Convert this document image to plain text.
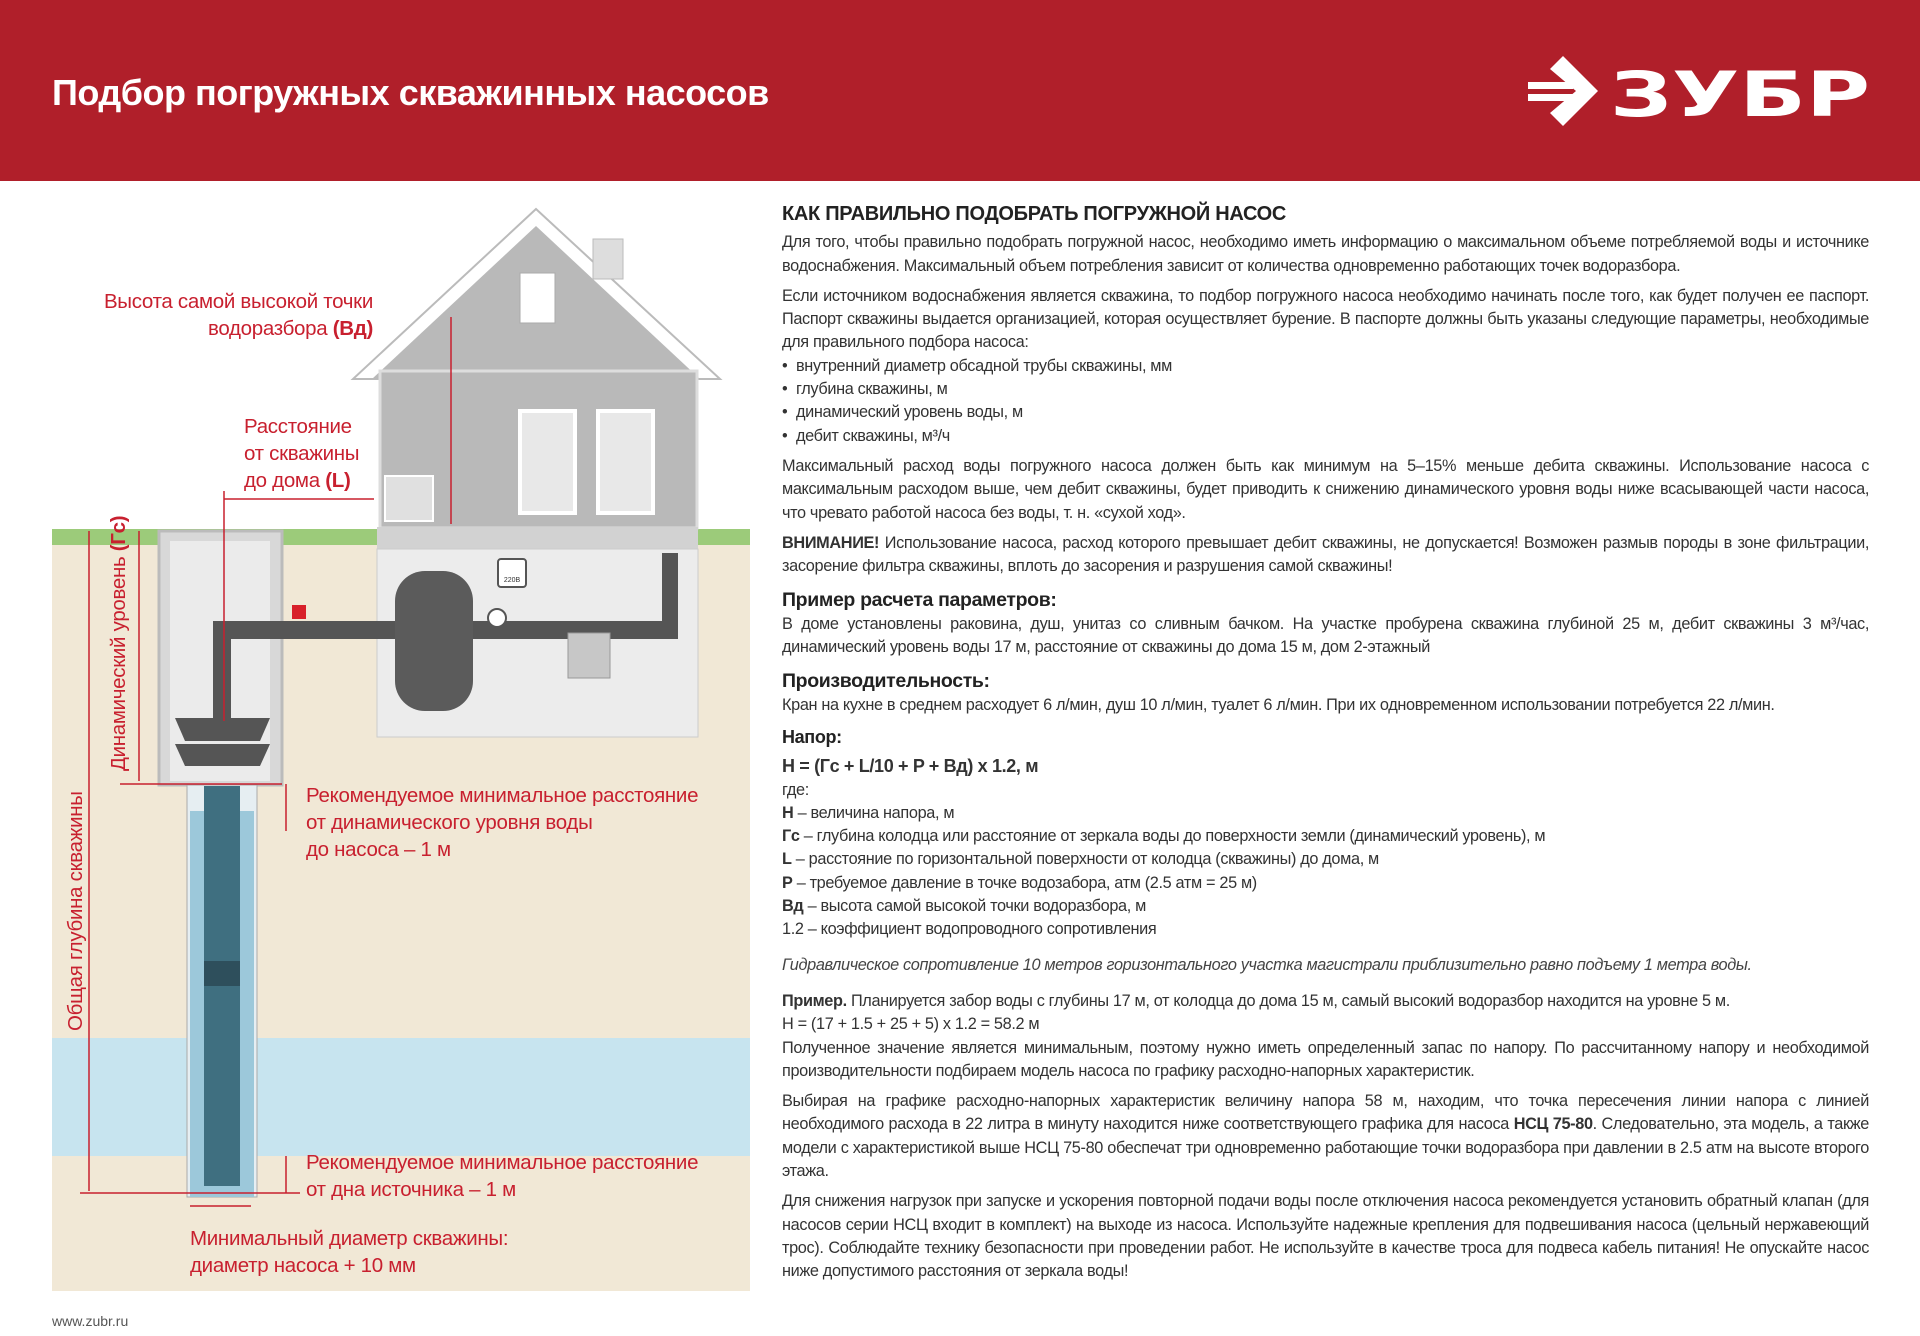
Подбор погружных скважинных насосов	ЗУБР
220В
Высота самой высокой точки
водоразбора (Вд)
Расстояние
от скважины
до дома (L)
Динамический уровень (Гс)
Общая глубина скважины	Рекомендуемое минимальное расстояние
от динамического уровня воды
до насоса – 1 м
Рекомендуемое минимальное расстояние
от дна источника – 1 м
Минимальный диаметр скважины:
диаметр насоса + 10 мм
КАК ПРАВИЛЬНО ПОДОБРАТЬ ПОГРУЖНОЙ НАСОС

Для того, чтобы правильно подобрать погружной насос, необходимо иметь информацию о максимальном объеме потребляемой воды и источнике водоснабжения. Максимальный объем потребления зависит от количества одновременно работающих точек водоразбора.

Если источником водоснабжения является скважина, то подбор погружного насоса необходимо начинать после того, как будет получен ее паспорт. Паспорт скважины выдается организацией, которая осуществляет бурение. В паспорте должны быть указаны следующие параметры, необходимые для правильного подбора насоса:

• внутренний диаметр обсадной трубы скважины, мм
• глубина скважины, м
• динамический уровень воды, м
• дебит скважины, м³/ч

Максимальный расход воды погружного насоса должен быть как минимум на 5–15% меньше дебита скважины. Использование насоса с максимальным расходом выше, чем дебит скважины, будет приводить к снижению динамического уровня воды ниже всасывающей части насоса, что чревато работой насоса без воды, т. н. «сухой ход».

ВНИМАНИЕ! Использование насоса, расход которого превышает дебит скважины, не допускается! Возможен размыв породы в зоне фильтрации, засорение фильтра скважины, вплоть до засорения и разрушения самой скважины!

Пример расчета параметров:

В доме установлены раковина, душ, унитаз со сливным бачком. На участке пробурена скважина глубиной 25 м, дебит скважины 3 м³/час, динамический уровень воды 17 м, расстояние от скважины до дома 15 м, дом 2-этажный

Производительность:

Кран на кухне в среднем расходует 6 л/мин, душ 10 л/мин, туалет 6 л/мин. При их одновременном использовании потребуется 22 л/мин.

Напор:
H = (Гс + L/10 + P + Вд) x 1.2, м
где:
H – величина напора, м
Гс – глубина колодца или расстояние от зеркала воды до поверхности земли (динамический уровень), м
L – расстояние по горизонтальной поверхности от колодца (скважины) до дома, м
P – требуемое давление в точке водозабора, атм (2.5 атм = 25 м)
Вд – высота самой высокой точки водоразбора, м
1.2 – коэффициент водопроводного сопротивления
Гидравлическое сопротивление 10 метров горизонтального участка магистрали приблизительно равно подъему 1 метра воды.

Пример. Планируется забор воды с глубины 17 м, от колодца до дома 15 м, самый высокий водоразбор находится на уровне 5 м.

H = (17 + 1.5 + 25 + 5) x 1.2 = 58.2 м

Полученное значение является минимальным, поэтому нужно иметь определенный запас по напору. По рассчитанному напору и необходимой производительности подбираем модель насоса по графику расходно-напорных характеристик.

Выбирая на графике расходно-напорных характеристик величину напора 58 м, находим, что точка пересечения линии напора с линией необходимого расхода в 22 литра в минуту находится ниже соответствующего графика для насоса НСЦ 75-80. Следовательно, эта модель, а также модели с характеристикой выше НСЦ 75-80 обеспечат три одновременно работающие точки водоразбора при давлении в 2.5 атм на высоте второго этажа.

Для снижения нагрузок при запуске и ускорения повторной подачи воды после отключения насоса рекомендуется установить обратный клапан (для насосов серии НСЦ входит в комплект) на выходе из насоса. Используйте надежные крепления для подвешивания насоса (цельный нержавеющий трос). Соблюдайте технику безопасности при проведении работ. Не используйте в качестве троса для подвеса кабель питания! Не опускайте насос ниже допустимого расстояния от зеркала воды!

www.zubr.ru
